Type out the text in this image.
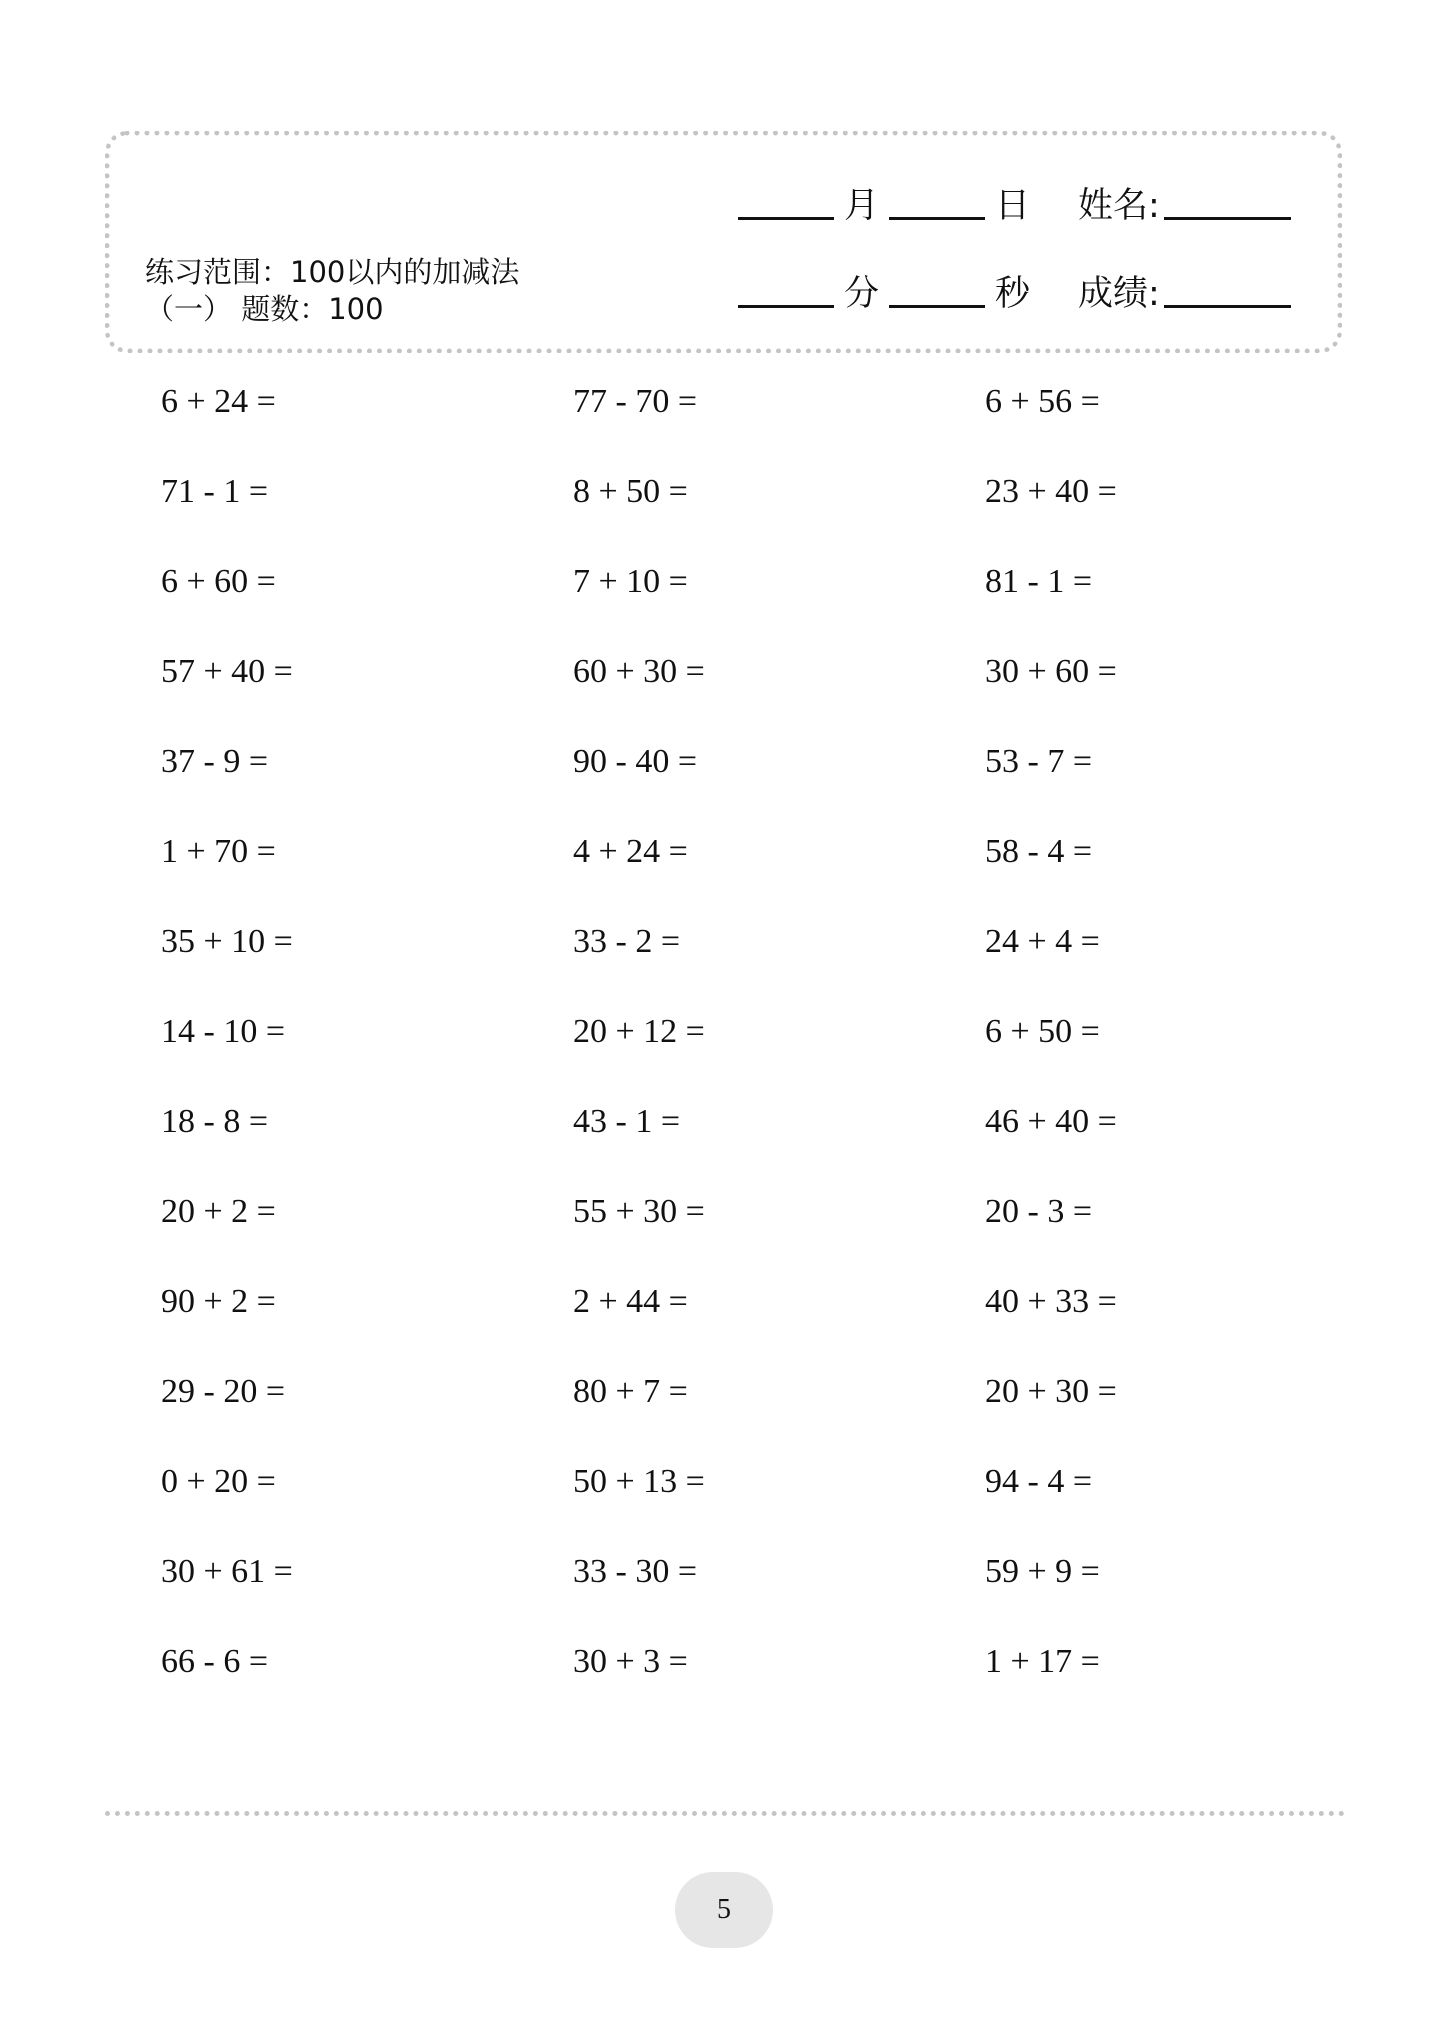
练习范围：100以内的加减法
（一） 题数：100
月	日 姓名:
分	秒 成绩:
6 + 24 =	77 - 70 =	6 + 56 =
71 - 1 =	8 + 50 =	23 + 40 =
6 + 60 =	7 + 10 =	81 - 1 =
57 + 40 =	60 + 30 =	30 + 60 =
37 - 9 =	90 - 40 =	53 - 7 =
1 + 70 =	4 + 24 =	58 - 4 =
35 + 10 =	33 - 2 =	24 + 4 =
14 - 10 =	20 + 12 =	6 + 50 =
18 - 8 =	43 - 1 =	46 + 40 =
20 + 2 =	55 + 30 =	20 - 3 =
90 + 2 =	2 + 44 =	40 + 33 =
29 - 20 =	80 + 7 =	20 + 30 =
0 + 20 =	50 + 13 =	94 - 4 =
30 + 61 =	33 - 30 =	59 + 9 =
66 - 6 =	30 + 3 =	1 + 17 =
5
